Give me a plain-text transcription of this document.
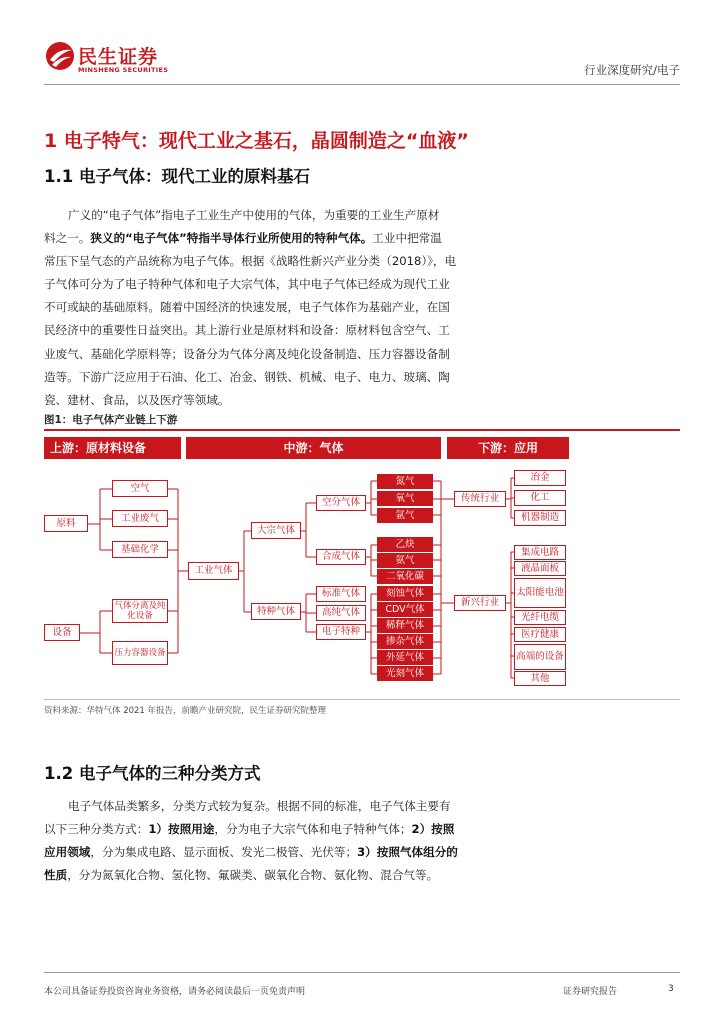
民生证券
MINSHENG SECURITIES	行业深度研究/电子
1 电子特气：现代工业之基石，晶圆制造之“血液”
1.1 电子气体：现代工业的原料基石
广义的“电子气体”指电子工业生产中使用的气体，为重要的工业生产原材
料之一。狭义的“电子气体”特指半导体行业所使用的特种气体。工业中把常温
常压下呈气态的产品统称为电子气体。根据《战略性新兴产业分类（2018）》，电
子气体可分为了电子特种气体和电子大宗气体，其中电子气体已经成为现代工业
不可或缺的基础原料。随着中国经济的快速发展，电子气体作为基础产业，在国
民经济中的重要性日益突出。其上游行业是原材料和设备：原材料包含空气、工
业废气、基础化学原料等；设备分为气体分离及纯化设备制造、压力容器设备制
造等。下游广泛应用于石油、化工、冶金、钢铁、机械、电子、电力、玻璃、陶
瓷、建材、食品，以及医疗等领域。
图1：电子气体产业链上下游
上游：原材料设备	中游：气体	下游：应用
原料
空气
工业废气
基础化学
设备
气体分离及纯化设备
压力容器设备
工业气体
大宗气体
特种气体
空分气体
合成气体
标准气体
高纯气体
电子特种
氮气
氧气
氩气
乙炔
氨气
二氧化碳
刻蚀气体
CDV气体
稀释气体
掺杂气体
外延气体
光刻气体
传统行业
新兴行业
冶金
化工
机器制造
集成电路
液晶面板
太阳能电池
光纤电缆
医疗健康
高端的设备
其他
资料来源：华特气体 2021 年报告，前瞻产业研究院，民生证券研究院整理
1.2 电子气体的三种分类方式
电子气体品类繁多，分类方式较为复杂。根据不同的标准，电子气体主要有
以下三种分类方式：1）按照用途，分为电子大宗气体和电子特种气体；2）按照
应用领域，分为集成电路、显示面板、发光二极管、光伏等；3）按照气体组分的
性质，分为氮氧化合物、氢化物、氟碳类、碳氧化合物、氨化物、混合气等。
本公司具备证券投资咨询业务资格，请务必阅读最后一页免责声明	证券研究报告	3
